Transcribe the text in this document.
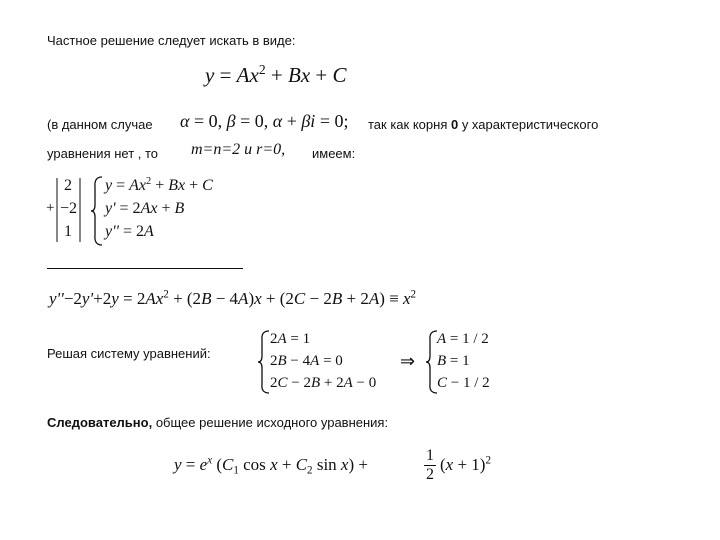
Частное решение следует искать в виде:
$y = Ax^2 + Bx + C$
(в данном случае α = 0, β = 0, α + βi = 0; так как корня 0 у характеристического
уравнения нет , то m=n=2 и r=0, имеем:
+
2
−2
1
$y = Ax^2 + Bx + C$
y' = 2Ax + B
y'' = 2A
$y''-2y'+2y = 2Ax^2 + (2B - 4A)x + (2C - 2B + 2A) \equiv x^2$
Решая систему уравнений:
2A = 1
2B − 4A = 0
2C − 2B + 2A − 0
⇒
A = 1 / 2
B = 1
C − 1 / 2
Следовательно, общее решение исходного уравнения:
$y = e^x$ ($C_1$ $\cos x + C_2$ sin x) +	1
2
$(x + 1)^2$
